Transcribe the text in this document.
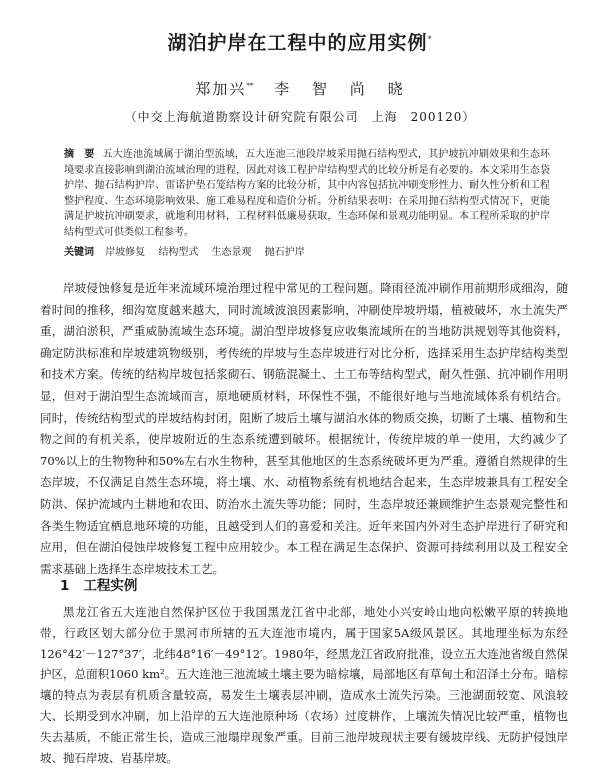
湖泊护岸在工程中的应用实例*
郑加兴** 李 智 尚 晓
（中交上海航道勘察设计研究院有限公司　上海　200120）
摘　要 五大连池流域属于湖泊型流域，五大连池三池段岸坡采用抛石结构型式，其护坡抗冲刷效果和生态环境要求直接影响到湖泊流域治理的进程，因此对该工程护岸结构型式的比较分析是有必要的。本文采用生态袋护岸、抛石结构护岸、雷诺护垫石笼结构方案的比较分析，其中内容包括抗冲刷变形性力、耐久性分析和工程整护程度、生态环境影响效果、施工难易程度和造价分析。分析结果表明：在采用抛石结构型式情况下，更能满足护坡抗冲刷要求，就地利用材料，工程材料低廉易获取，生态环保和景观功能明显。本工程所采取的护岸结构型式可供类似工程参考。
关键词 岸坡修复 结构型式 生态景观 抛石护岸

岸坡侵蚀修复是近年来流域环境治理过程中常见的工程问题。降雨径流冲刷作用前期形成细沟，随着时间的推移，细沟宽度越来越大，同时流域波浪因素影响，冲刷使岸坡坍塌，植被破坏，水土流失严重，湖泊淤积，严重威胁流域生态环境。湖泊型岸坡修复应收集流域所在的当地防洪规划等其他资料，确定防洪标准和岸坡建筑物级别，考传统的岸坡与生态岸坡进行对比分析，选择采用生态护岸结构类型和技术方案。传统的结构岸坡包括浆砌石、钢筋混凝土、土工布等结构型式，耐久性强、抗冲刷作用明显，但对于湖泊型生态流域而言，原地硬质材料，环保性不强，不能很好地与当地流域体系有机结合。同时，传统结构型式的岸坡结构封闭，阻断了坡后土壤与湖泊水体的物质交换，切断了土壤、植物和生物之间的有机关系，使岸坡附近的生态系统遭到破坏。根据统计，传统岸坡的单一使用，大约减少了70%以上的生物物种和50%左右水生物种，甚至其他地区的生态系统破坏更为严重。遵循自然规律的生态岸坡，不仅满足自然生态环境，将土壤、水、动植物系统有机地结合起来，生态岸坡兼具有工程安全防洪、保护流域内土耕地和农田、防治水土流失等功能；同时，生态岸坡还兼顾维护生态景观完整性和各类生物适宜栖息地环境的功能，且越受到人们的喜爱和关注。近年来国内外对生态护岸进行了研究和应用，但在湖泊侵蚀岸坡修复工程中应用较少。本工程在满足生态保护、资源可持续利用以及工程安全需求基础上选择生态岸坡技术工艺。

1 工程实例

黑龙江省五大连池自然保护区位于我国黑龙江省中北部，地处小兴安岭山地向松嫩平原的转换地带，行政区划大部分位于黑河市所辖的五大连池市境内，属于国家5A级风景区。其地理坐标为东经126°42′－127°37′，北纬48°16′－49°12′。1980年，经黑龙江省政府批准，设立五大连池省级自然保护区，总面积1060 km²。五大连池三池流域土壤主要为暗棕壤，局部地区有草甸土和沼泽土分布。暗棕壤的特点为表层有机质含量较高，易发生土壤表层冲刷，造成水土流失污染。三池湖面较宽、风浪较大、长期受到水冲刷，加上沿岸的五大连池原种场（农场）过度耕作，上壤流失情况比较严重，植物也失去基质，不能正常生长，造成三池塌岸现象严重。目前三池岸坡现状主要有缓坡岸线、无防护侵蚀岸坡、抛石岸坡、岩基岸坡。
